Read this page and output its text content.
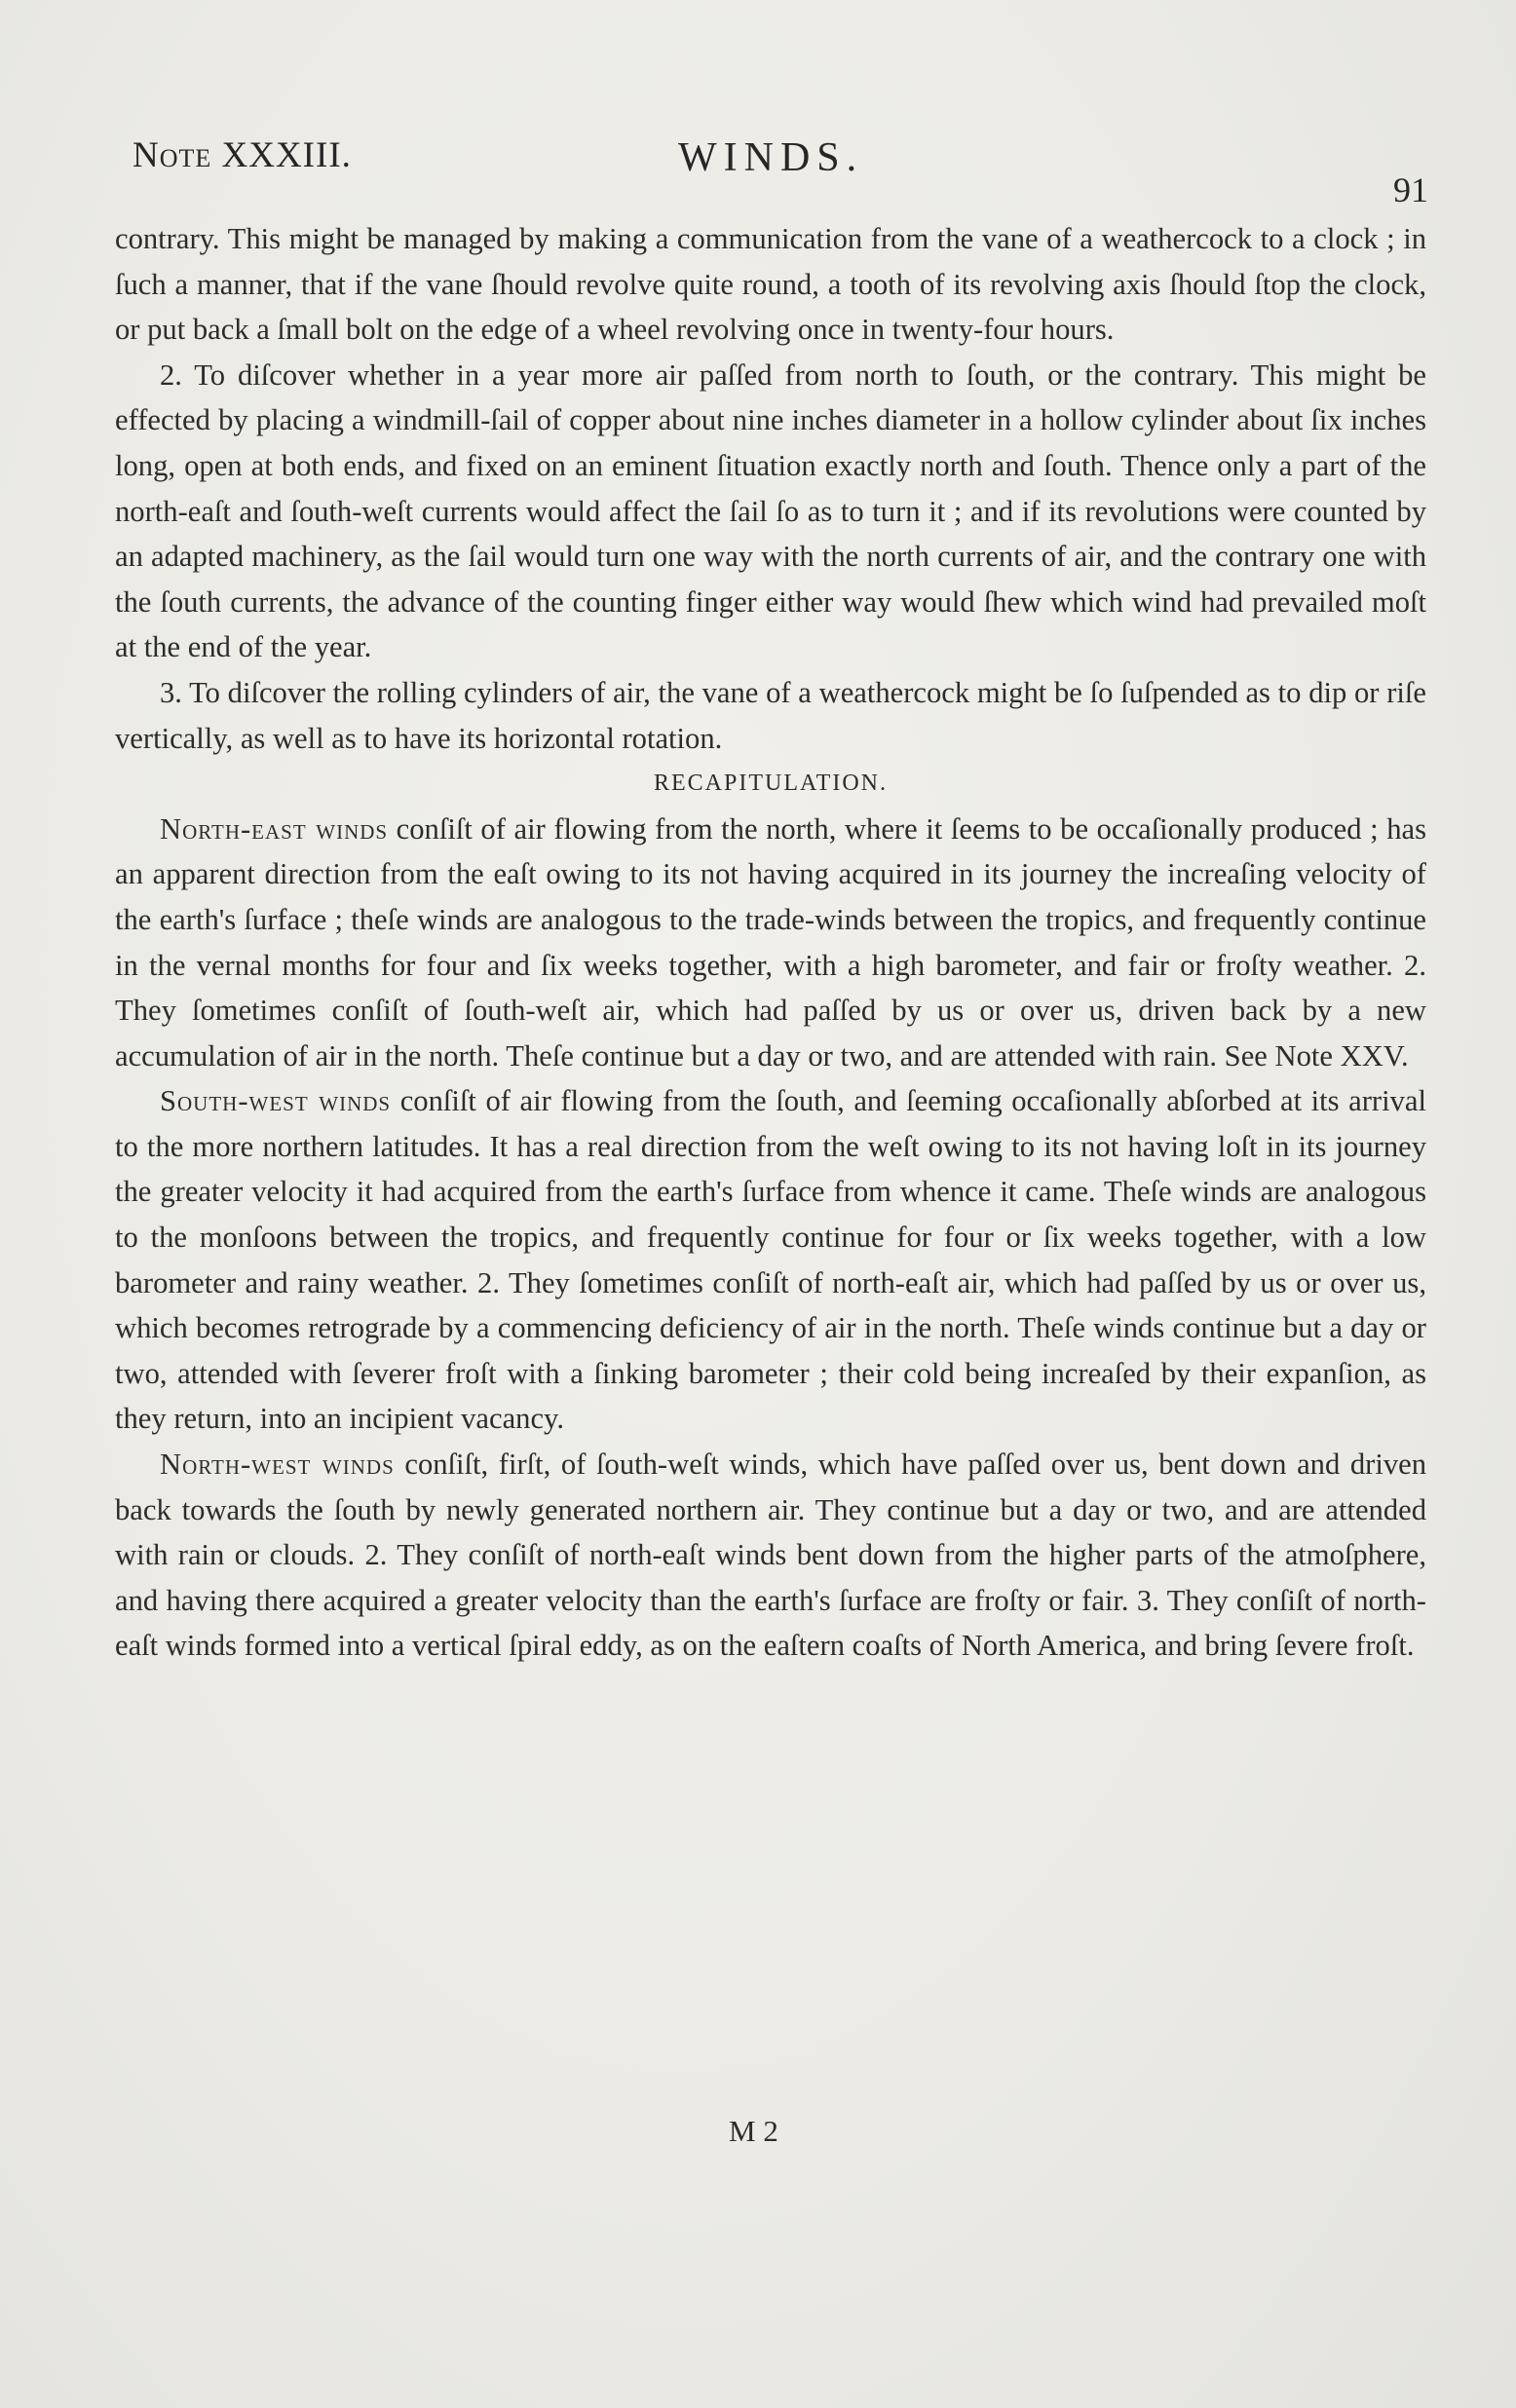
Note XXXIII.	WINDS.
91

contrary. This might be managed by making a communication from the vane of a weathercock to a clock ; in ſuch a manner, that if the vane ſhould revolve quite round, a tooth of its revolving axis ſhould ſtop the clock, or put back a ſmall bolt on the edge of a wheel revolving once in twenty-four hours.

2. To diſcover whether in a year more air paſſed from north to ſouth, or the contrary. This might be effected by placing a windmill-ſail of copper about nine inches diameter in a hollow cylinder about ſix inches long, open at both ends, and fixed on an eminent ſituation exactly north and ſouth. Thence only a part of the north-eaſt and ſouth-weſt currents would affect the ſail ſo as to turn it ; and if its revolutions were counted by an adapted machinery, as the ſail would turn one way with the north currents of air, and the contrary one with the ſouth currents, the advance of the counting finger either way would ſhew which wind had prevailed moſt at the end of the year.

3. To diſcover the rolling cylinders of air, the vane of a weathercock might be ſo ſuſpended as to dip or riſe vertically, as well as to have its horizontal rotation.

RECAPITULATION.

North-east winds conſiſt of air flowing from the north, where it ſeems to be occaſionally produced ; has an apparent direction from the eaſt owing to its not having acquired in its journey the increaſing velocity of the earth's ſurface ; theſe winds are analogous to the trade-winds between the tropics, and frequently continue in the vernal months for four and ſix weeks together, with a high barometer, and fair or froſty weather. 2. They ſometimes conſiſt of ſouth-weſt air, which had paſſed by us or over us, driven back by a new accumulation of air in the north. Theſe continue but a day or two, and are attended with rain. See Note XXV.

South-west winds conſiſt of air flowing from the ſouth, and ſeeming occaſionally abſorbed at its arrival to the more northern latitudes. It has a real direction from the weſt owing to its not having loſt in its journey the greater velocity it had acquired from the earth's ſurface from whence it came. Theſe winds are analogous to the monſoons between the tropics, and frequently continue for four or ſix weeks together, with a low barometer and rainy weather. 2. They ſometimes conſiſt of north-eaſt air, which had paſſed by us or over us, which becomes retrograde by a commencing deficiency of air in the north. Theſe winds continue but a day or two, attended with ſeverer froſt with a ſinking barometer ; their cold being increaſed by their expanſion, as they return, into an incipient vacancy.

North-west winds conſiſt, firſt, of ſouth-weſt winds, which have paſſed over us, bent down and driven back towards the ſouth by newly generated northern air. They continue but a day or two, and are attended with rain or clouds. 2. They conſiſt of north-eaſt winds bent down from the higher parts of the atmoſphere, and having there acquired a greater velocity than the earth's ſurface are froſty or fair. 3. They conſiſt of north-eaſt winds formed into a vertical ſpiral eddy, as on the eaſtern coaſts of North America, and bring ſevere froſt.

M 2
